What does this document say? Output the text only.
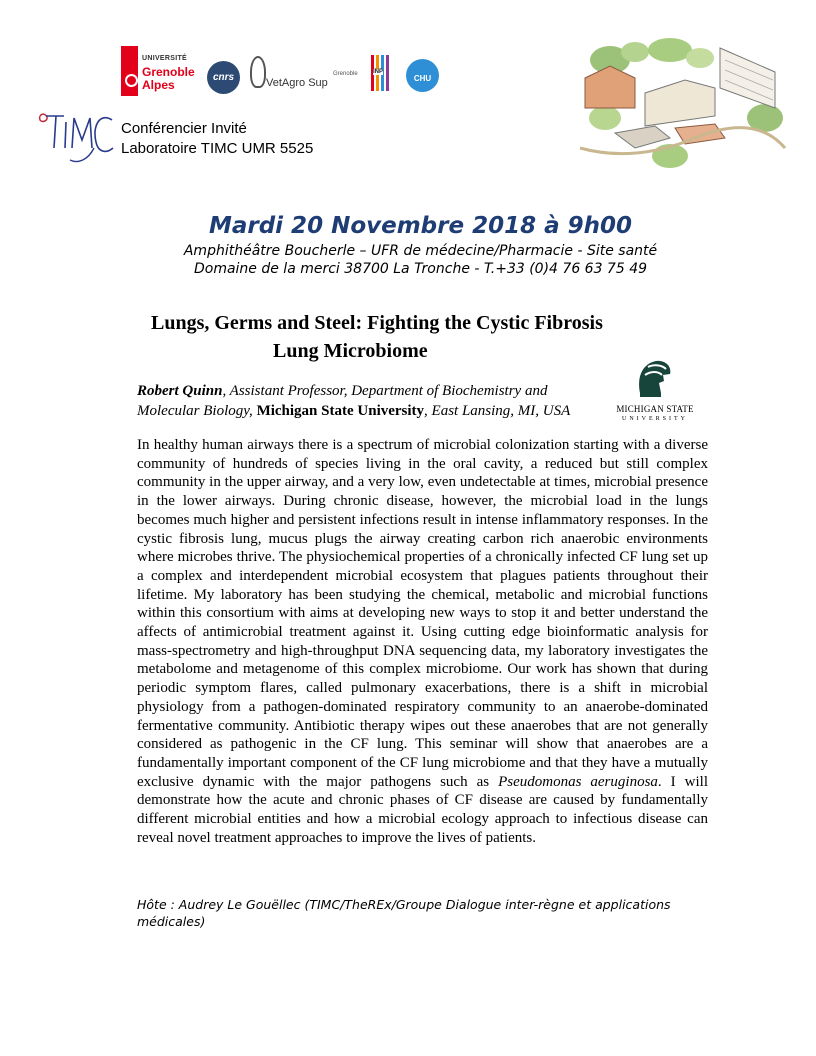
UNIVERSITÉ
Grenoble
Alpes
cnrs	VetAgro Sup
Grenoble	INP
CHU
Conférencier Invité
Laboratoire TIMC UMR 5525
Mardi 20 Novembre 2018 à 9h00
Amphithéâtre Boucherle – UFR de médecine/Pharmacie - Site santé
Domaine de la merci 38700 La Tronche - T.+33 (0)4 76 63 75 49
Lungs, Germs and Steel: Fighting the Cystic Fibrosis
Lung Microbiome
Robert Quinn, Assistant Professor, Department of Biochemistry and Molecular Biology, Michigan State University, East Lansing, MI, USA	MICHIGAN STATE
UNIVERSITY

In healthy human airways there is a spectrum of microbial colonization starting with a diverse community of hundreds of species living in the oral cavity, a reduced but still complex community in the upper airway, and a very low, even undetectable at times, microbial presence in the lower airways. During chronic disease, however, the microbial load in the lungs becomes much higher and persistent infections result in intense inflammatory responses. In the cystic fibrosis lung, mucus plugs the airway creating carbon rich anaerobic environments where microbes thrive. The physiochemical properties of a chronically infected CF lung set up a complex and interdependent microbial ecosystem that plagues patients throughout their lifetime. My laboratory has been studying the chemical, metabolic and microbial functions within this consortium with aims at developing new ways to stop it and better understand the affects of antimicrobial treatment against it. Using cutting edge bioinformatic analysis for mass-spectrometry and high-throughput DNA sequencing data, my laboratory investigates the metabolome and metagenome of this complex microbiome. Our work has shown that during periodic symptom flares, called pulmonary exacerbations, there is a shift in microbial physiology from a pathogen-dominated respiratory community to an anaerobe-dominated fermentative community. Antibiotic therapy wipes out these anaerobes that are not generally considered as pathogenic in the CF lung. This seminar will show that anaerobes are a fundamentally important component of the CF lung microbiome and that they have a mutually exclusive dynamic with the major pathogens such as Pseudomonas aeruginosa. I will demonstrate how the acute and chronic phases of CF disease are caused by fundamentally different microbial entities and how a microbial ecology approach to infectious disease can reveal novel treatment approaches to improve the lives of patients.

Hôte : Audrey Le Gouëllec (TIMC/TheREx/Groupe Dialogue inter-règne et applications médicales)
